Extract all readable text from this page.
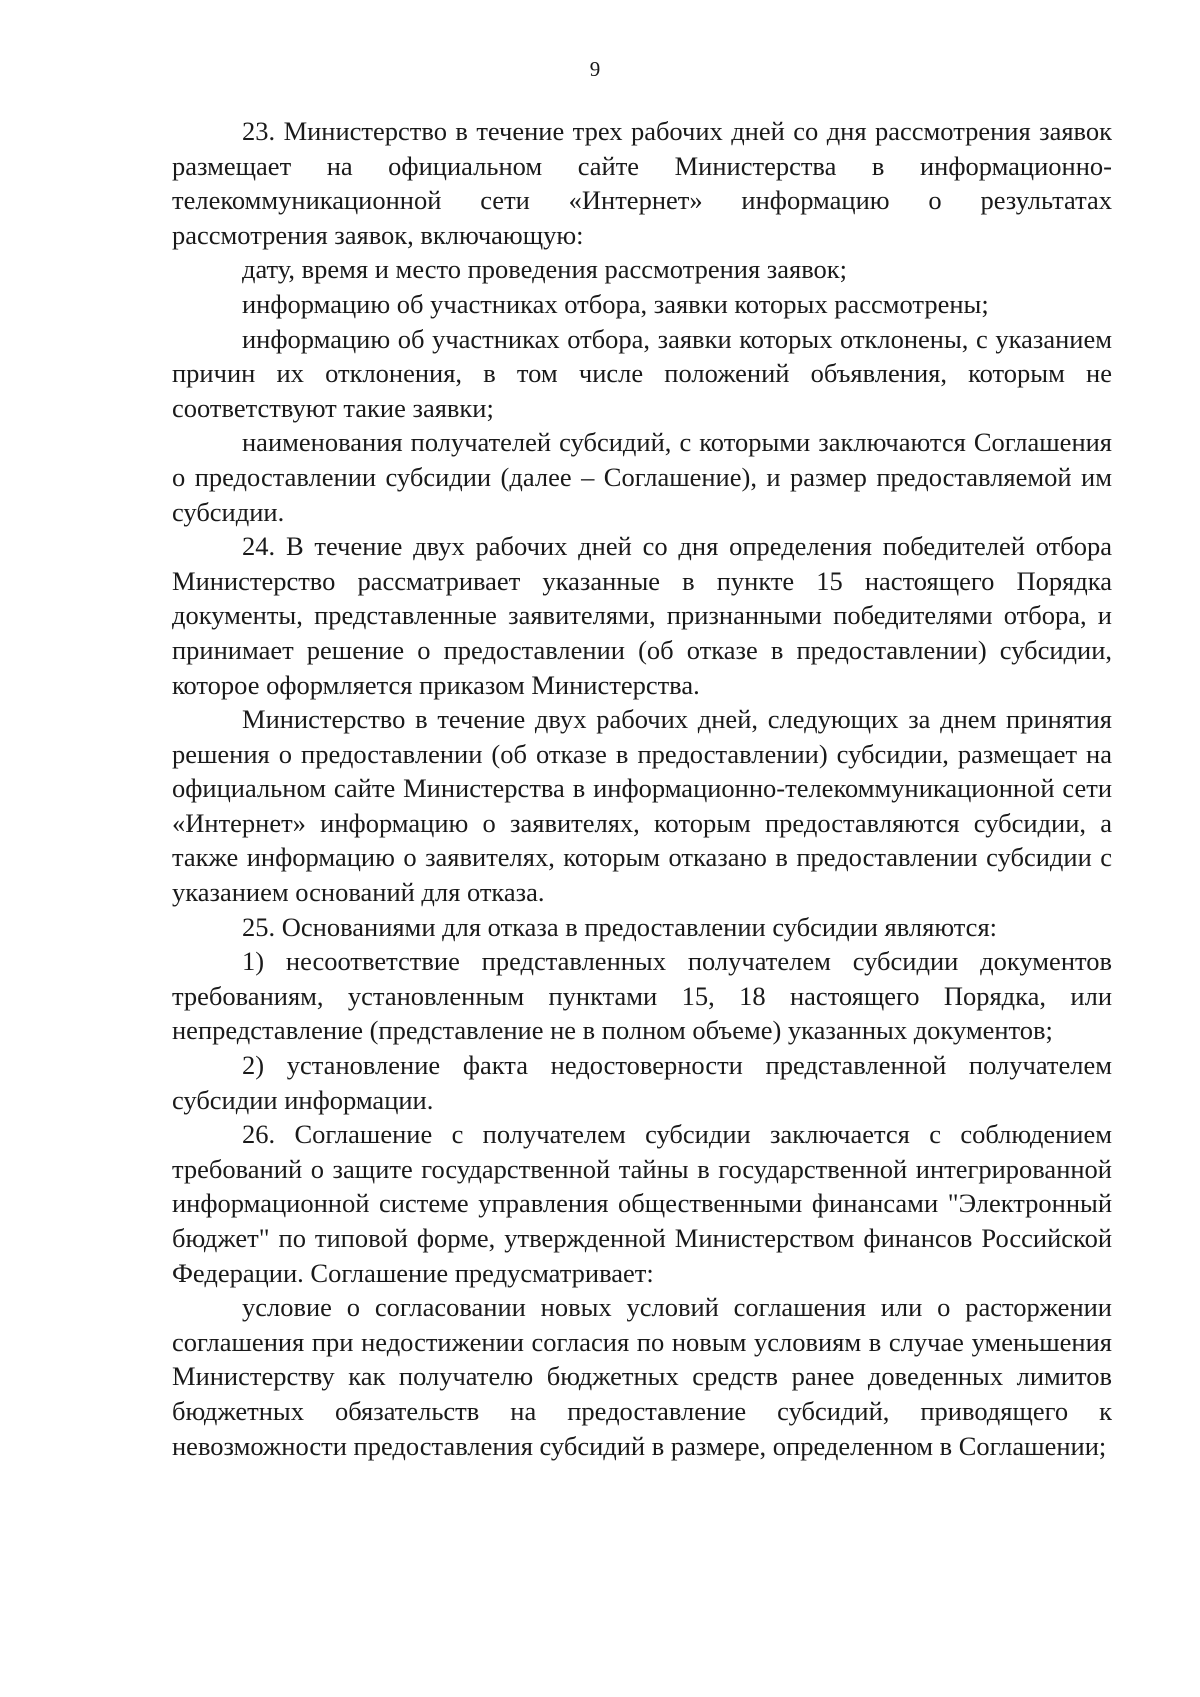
9

23. Министерство в течение трех рабочих дней со дня рассмотрения заявок размещает на официальном сайте Министерства в информационно-телекоммуникационной сети «Интернет» информацию о результатах рассмотрения заявок, включающую:

дату, время и место проведения рассмотрения заявок;

информацию об участниках отбора, заявки которых рассмотрены;

информацию об участниках отбора, заявки которых отклонены, с указанием причин их отклонения, в том числе положений объявления, которым не соответствуют такие заявки;

наименования получателей субсидий, с которыми заключаются Соглашения о предоставлении субсидии (далее – Соглашение), и размер предоставляемой им субсидии.

24. В течение двух рабочих дней со дня определения победителей отбора Министерство рассматривает указанные в пункте 15 настоящего Порядка документы, представленные заявителями, признанными победителями отбора, и принимает решение о предоставлении (об отказе в предоставлении) субсидии, которое оформляется приказом Министерства.

Министерство в течение двух рабочих дней, следующих за днем принятия решения о предоставлении (об отказе в предоставлении) субсидии, размещает на официальном сайте Министерства в информационно-телекоммуникационной сети «Интернет» информацию о заявителях, которым предоставляются субсидии, а также информацию о заявителях, которым отказано в предоставлении субсидии с указанием оснований для отказа.

25. Основаниями для отказа в предоставлении субсидии являются:

1) несоответствие представленных получателем субсидии документов требованиям, установленным пунктами 15, 18 настоящего Порядка, или непредставление (представление не в полном объеме) указанных документов;

2) установление факта недостоверности представленной получателем субсидии информации.

26. Соглашение с получателем субсидии заключается с соблюдением требований о защите государственной тайны в государственной интегрированной информационной системе управления общественными финансами "Электронный бюджет" по типовой форме, утвержденной Министерством финансов Российской Федерации. Соглашение предусматривает:

условие о согласовании новых условий соглашения или о расторжении соглашения при недостижении согласия по новым условиям в случае уменьшения Министерству как получателю бюджетных средств ранее доведенных лимитов бюджетных обязательств на предоставление субсидий, приводящего к невозможности предоставления субсидий в размере, определенном в Соглашении;
